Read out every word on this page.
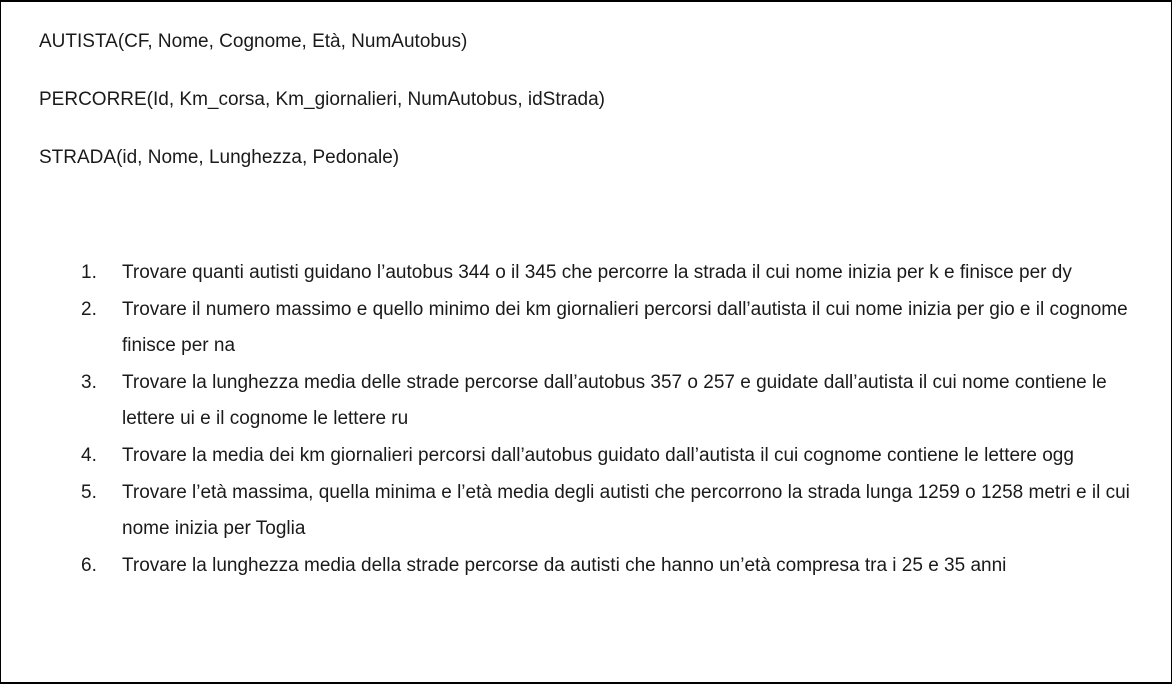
AUTISTA(CF, Nome, Cognome, Età, NumAutobus)
PERCORRE(Id, Km_corsa, Km_giornalieri, NumAutobus, idStrada)
STRADA(id, Nome, Lunghezza, Pedonale)
1. Trovare quanti autisti guidano l’autobus 344 o il 345 che percorre la strada il cui nome inizia per k e finisce per dy
2. Trovare il numero massimo e quello minimo dei km giornalieri percorsi dall’autista il cui nome inizia per gio e il cognome finisce per na
3. Trovare la lunghezza media delle strade percorse dall’autobus 357 o 257 e guidate dall’autista il cui nome contiene le lettere ui e il cognome le lettere ru
4. Trovare la media dei km giornalieri percorsi dall’autobus guidato dall’autista il cui cognome contiene le lettere ogg
5. Trovare l’età massima, quella minima e l’età media degli autisti che percorrono la strada lunga 1259 o 1258 metri e il cui nome inizia per Toglia
6. Trovare la lunghezza media della strade percorse da autisti che hanno un’età compresa tra i 25 e 35 anni
